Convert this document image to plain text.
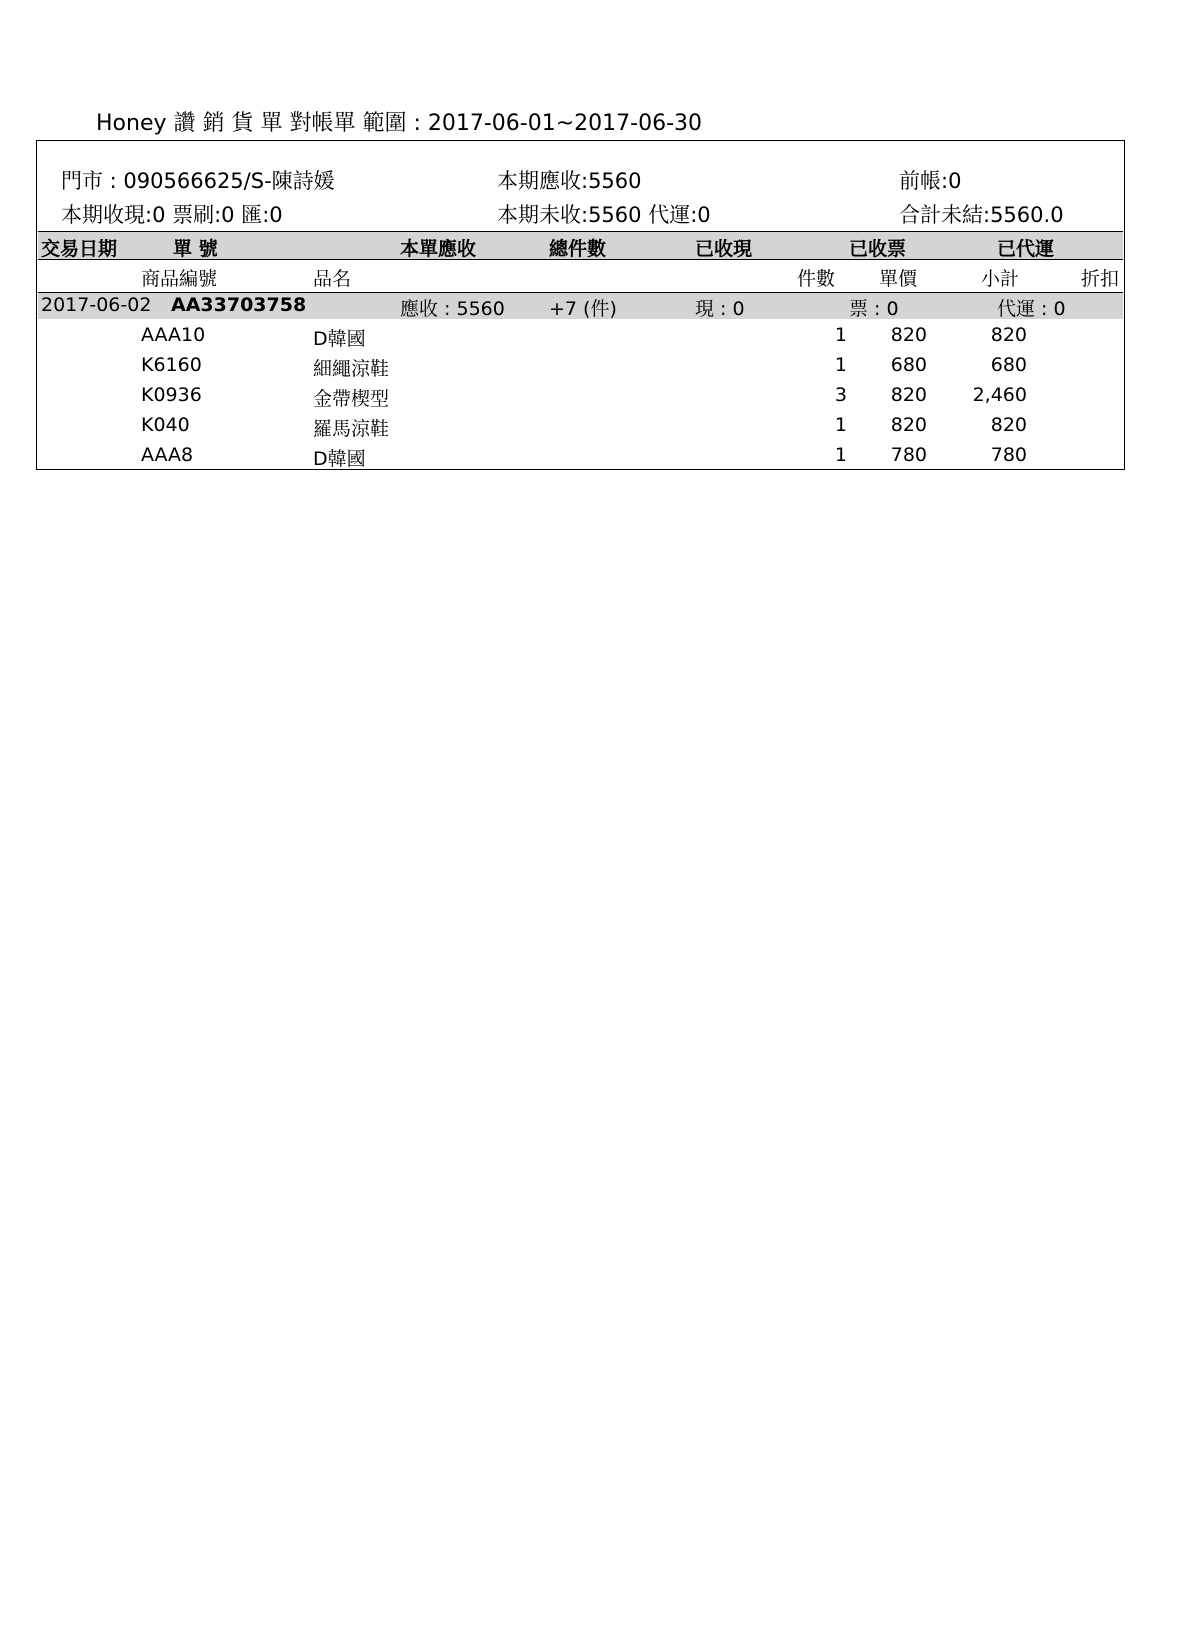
Honey 讚 銷 貨 單 對帳單 範圍 : 2017-06-01~2017-06-30
門市 : 090566625/S-陳詩媛	本期應收:5560	前帳:0
本期收現:0 票刷:0 匯:0	本期未收:5560 代運:0	合計未結:5560.0
交易日期	單 號	本單應收	總件數	已收現	已收票	已代運
商品編號	品名	件數 單價	小計	折扣
2017-06-02 AA33703758	應收 : 5560 +7 (件)	現 : 0	票 : 0	代運 : 0
AAA10	D韓國	1	820	820
K6160	細繩涼鞋	1	680	680
K0936	金帶楔型	3	820	2,460
K040	羅馬涼鞋	1	820	820
AAA8	D韓國	1	780	780
